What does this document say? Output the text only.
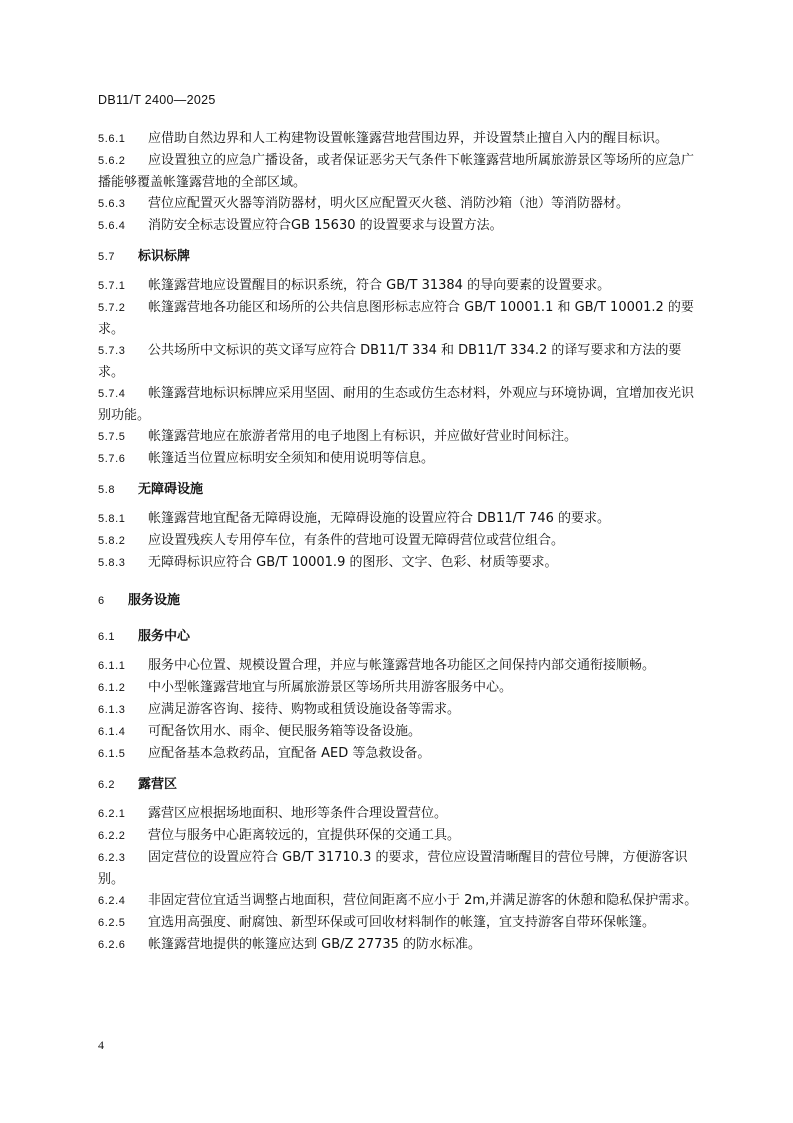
DB11/T 2400—2025
5.6.1 应借助自然边界和人工构建物设置帐篷露营地营围边界，并设置禁止擅自入内的醒目标识。
5.6.2 应设置独立的应急广播设备，或者保证恶劣天气条件下帐篷露营地所属旅游景区等场所的应急广播能够覆盖帐篷露营地的全部区域。
5.6.3 营位应配置灭火器等消防器材，明火区应配置灭火毯、消防沙箱（池）等消防器材。
5.6.4 消防安全标志设置应符合GB 15630 的设置要求与设置方法。
5.7 标识标牌
5.7.1 帐篷露营地应设置醒目的标识系统，符合 GB/T 31384 的导向要素的设置要求。
5.7.2 帐篷露营地各功能区和场所的公共信息图形标志应符合 GB/T 10001.1 和 GB/T 10001.2 的要求。
5.7.3 公共场所中文标识的英文译写应符合 DB11/T 334 和 DB11/T 334.2 的译写要求和方法的要求。
5.7.4 帐篷露营地标识标牌应采用坚固、耐用的生态或仿生态材料，外观应与环境协调，宜增加夜光识别功能。
5.7.5 帐篷露营地应在旅游者常用的电子地图上有标识，并应做好营业时间标注。
5.7.6 帐篷适当位置应标明安全须知和使用说明等信息。
5.8 无障碍设施
5.8.1 帐篷露营地宜配备无障碍设施，无障碍设施的设置应符合 DB11/T 746 的要求。
5.8.2 应设置残疾人专用停车位，有条件的营地可设置无障碍营位或营位组合。
5.8.3 无障碍标识应符合 GB/T 10001.9 的图形、文字、色彩、材质等要求。
6 服务设施
6.1 服务中心
6.1.1 服务中心位置、规模设置合理，并应与帐篷露营地各功能区之间保持内部交通衔接顺畅。
6.1.2 中小型帐篷露营地宜与所属旅游景区等场所共用游客服务中心。
6.1.3 应满足游客咨询、接待、购物或租赁设施设备等需求。
6.1.4 可配备饮用水、雨伞、便民服务箱等设备设施。
6.1.5 应配备基本急救药品，宜配备 AED 等急救设备。
6.2 露营区
6.2.1 露营区应根据场地面积、地形等条件合理设置营位。
6.2.2 营位与服务中心距离较远的，宜提供环保的交通工具。
6.2.3 固定营位的设置应符合 GB/T 31710.3 的要求，营位应设置清晰醒目的营位号牌，方便游客识别。
6.2.4 非固定营位宜适当调整占地面积，营位间距离不应小于 2m,并满足游客的休憩和隐私保护需求。
6.2.5 宜选用高强度、耐腐蚀、新型环保或可回收材料制作的帐篷，宜支持游客自带环保帐篷。
6.2.6 帐篷露营地提供的帐篷应达到 GB/Z 27735 的防水标准。
4
